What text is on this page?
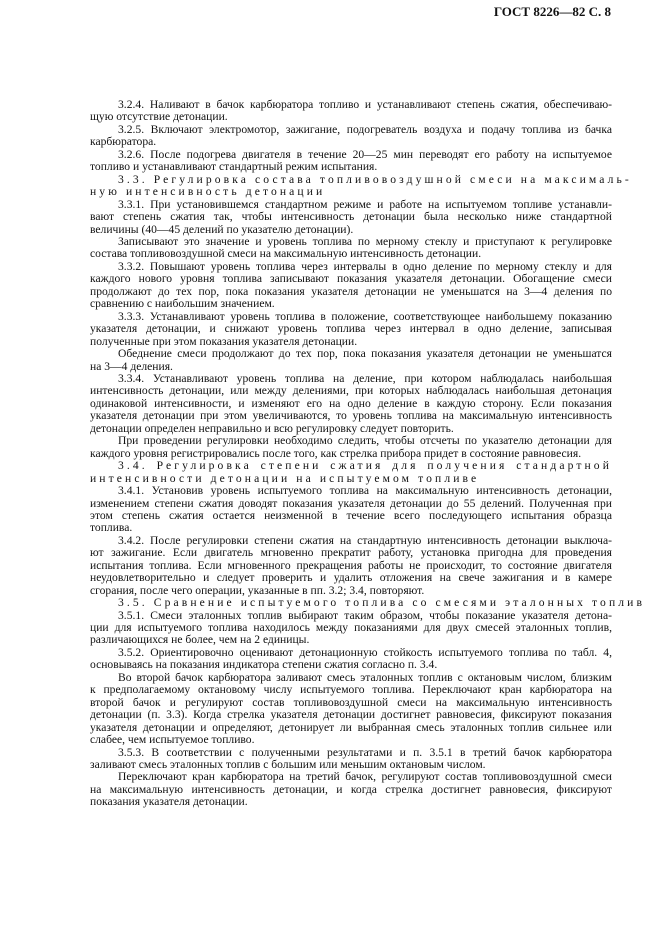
ГОСТ 8226—82 С. 8
3.2.4. Наливают в бачок карбюратора топливо и устанавливают степень сжатия, обеспечиваю-
щую отсутствие детонации.
3.2.5. Включают электромотор, зажигание, подогреватель воздуха и подачу топлива из бачка
карбюратора.
3.2.6. После подогрева двигателя в течение 20—25 мин переводят его работу на испытуемое
топливо и устанавливают стандартный режим испытания.
3.3. Регулировка состава топливовоздушной смеси на максималь-
ную интенсивность детонации
3.3.1. При установившемся стандартном режиме и работе на испытуемом топливе устанавли-
вают степень сжатия так, чтобы интенсивность детонации была несколько ниже стандартной
величины (40—45 делений по указателю детонации).
Записывают это значение и уровень топлива по мерному стеклу и приступают к регулировке
состава топливовоздушной смеси на максимальную интенсивность детонации.
3.3.2. Повышают уровень топлива через интервалы в одно деление по мерному стеклу и для
каждого нового уровня топлива записывают показания указателя детонации. Обогащение смеси
продолжают до тех пор, пока показания указателя детонации не уменьшатся на 3—4 деления по
сравнению с наибольшим значением.
3.3.3. Устанавливают уровень топлива в положение, соответствующее наибольшему показанию
указателя детонации, и снижают уровень топлива через интервал в одно деление, записывая
полученные при этом показания указателя детонации.
Обеднение смеси продолжают до тех пор, пока показания указателя детонации не уменьшатся
на 3—4 деления.
3.3.4. Устанавливают уровень топлива на деление, при котором наблюдалась наибольшая
интенсивность детонации, или между делениями, при которых наблюдалась наибольшая детонация
одинаковой интенсивности, и изменяют его на одно деление в каждую сторону. Если показания
указателя детонации при этом увеличиваются, то уровень топлива на максимальную интенсивность
детонации определен неправильно и всю регулировку следует повторить.
При проведении регулировки необходимо следить, чтобы отсчеты по указателю детонации для
каждого уровня регистрировались после того, как стрелка прибора придет в состояние равновесия.
3.4. Регулировка степени сжатия для получения стандартной
интенсивности детонации на испытуемом топливе
3.4.1. Установив уровень испытуемого топлива на максимальную интенсивность детонации,
изменением степени сжатия доводят показания указателя детонации до 55 делений. Полученная при
этом степень сжатия остается неизменной в течение всего последующего испытания образца
топлива.
3.4.2. После регулировки степени сжатия на стандартную интенсивность детонации выключа-
ют зажигание. Если двигатель мгновенно прекратит работу, установка пригодна для проведения
испытания топлива. Если мгновенного прекращения работы не происходит, то состояние двигателя
неудовлетворительно и следует проверить и удалить отложения на свече зажигания и в камере
сгорания, после чего операции, указанные в пп. 3.2; 3.4, повторяют.
3.5. Сравнение испытуемого топлива со смесями эталонных топлив
3.5.1. Смеси эталонных топлив выбирают таким образом, чтобы показание указателя детона-
ции для испытуемого топлива находилось между показаниями для двух смесей эталонных топлив,
различающихся не более, чем на 2 единицы.
3.5.2. Ориентировочно оценивают детонационную стойкость испытуемого топлива по табл. 4,
основываясь на показания индикатора степени сжатия согласно п. 3.4.
Во второй бачок карбюратора заливают смесь эталонных топлив с октановым числом, близким
к предполагаемому октановому числу испытуемого топлива. Переключают кран карбюратора на
второй бачок и регулируют состав топливовоздушной смеси на максимальную интенсивность
детонации (п. 3.3). Когда стрелка указателя детонации достигнет равновесия, фиксируют показания
указателя детонации и определяют, детонирует ли выбранная смесь эталонных топлив сильнее или
слабее, чем испытуемое топливо.
3.5.3. В соответствии с полученными результатами и п. 3.5.1 в третий бачок карбюратора
заливают смесь эталонных топлив с большим или меньшим октановым числом.
Переключают кран карбюратора на третий бачок, регулируют состав топливовоздушной смеси
на максимальную интенсивность детонации, и когда стрелка достигнет равновесия, фиксируют
показания указателя детонации.
